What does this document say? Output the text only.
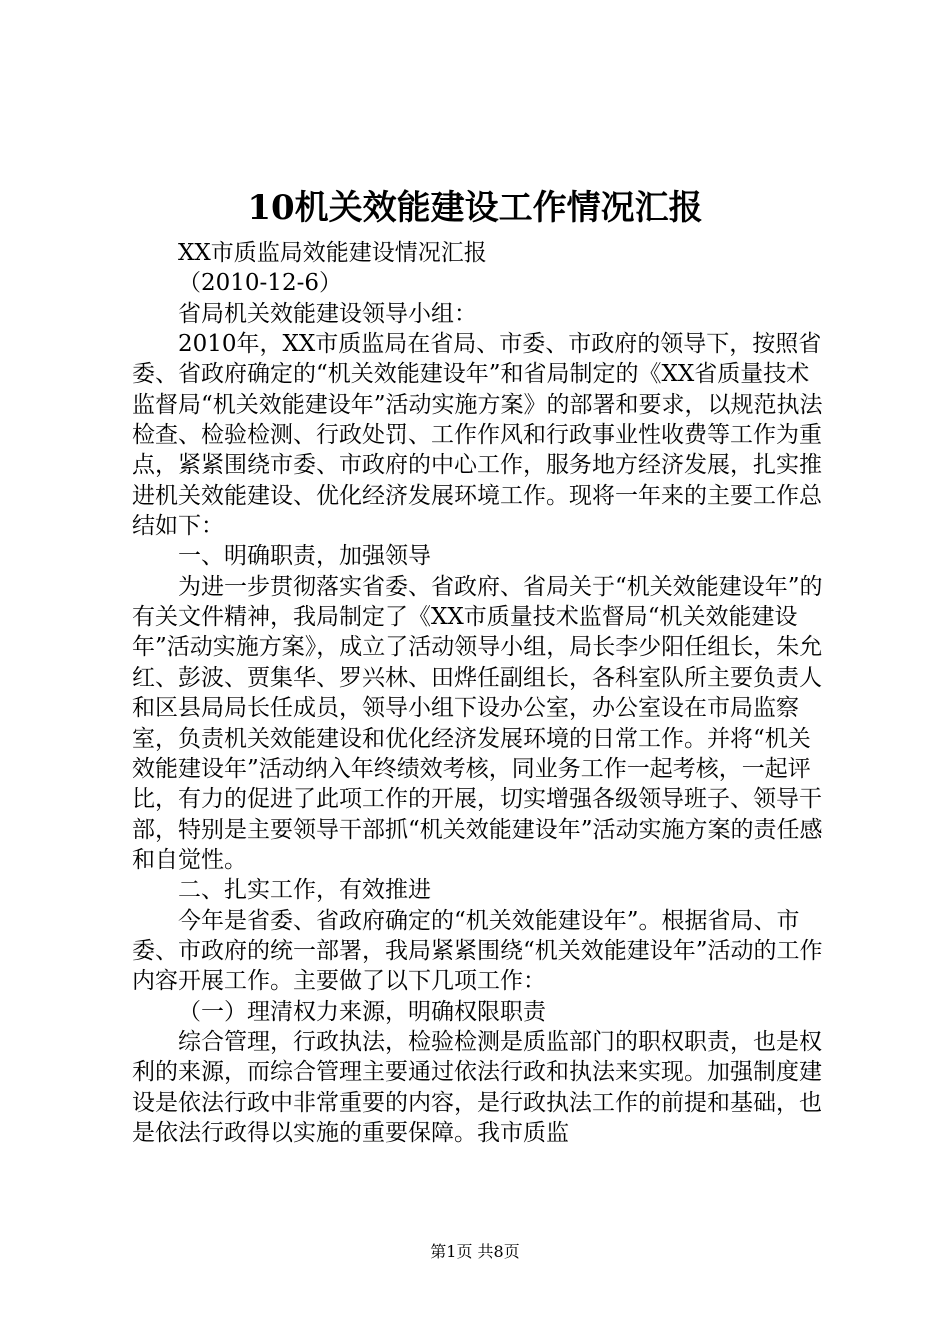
10机关效能建设工作情况汇报

XX市质监局效能建设情况汇报

（2010-12-6）

省局机关效能建设领导小组：

2010年，XX市质监局在省局、市委、市政府的领导下，按照省委、省政府确定的“机关效能建设年”和省局制定的《XX省质量技术监督局“机关效能建设年”活动实施方案》的部署和要求，以规范执法检查、检验检测、行政处罚、工作作风和行政事业性收费等工作为重点，紧紧围绕市委、市政府的中心工作，服务地方经济发展，扎实推进机关效能建设、优化经济发展环境工作。现将一年来的主要工作总结如下：

一、明确职责，加强领导

为进一步贯彻落实省委、省政府、省局关于“机关效能建设年”的有关文件精神，我局制定了《XX市质量技术监督局“机关效能建设年”活动实施方案》，成立了活动领导小组，局长李少阳任组长，朱允红、彭波、贾集华、罗兴林、田烨任副组长，各科室队所主要负责人和区县局局长任成员，领导小组下设办公室，办公室设在市局监察室，负责机关效能建设和优化经济发展环境的日常工作。并将“机关效能建设年”活动纳入年终绩效考核，同业务工作一起考核，一起评比，有力的促进了此项工作的开展，切实增强各级领导班子、领导干部，特别是主要领导干部抓“机关效能建设年”活动实施方案的责任感和自觉性。

二、扎实工作，有效推进

今年是省委、省政府确定的“机关效能建设年”。根据省局、市委、市政府的统一部署，我局紧紧围绕“机关效能建设年”活动的工作内容开展工作。主要做了以下几项工作：

（一）理清权力来源，明确权限职责

综合管理，行政执法，检验检测是质监部门的职权职责，也是权利的来源，而综合管理主要通过依法行政和执法来实现。加强制度建设是依法行政中非常重要的内容，是行政执法工作的前提和基础，也是依法行政得以实施的重要保障。我市质监

第1页 共8页
